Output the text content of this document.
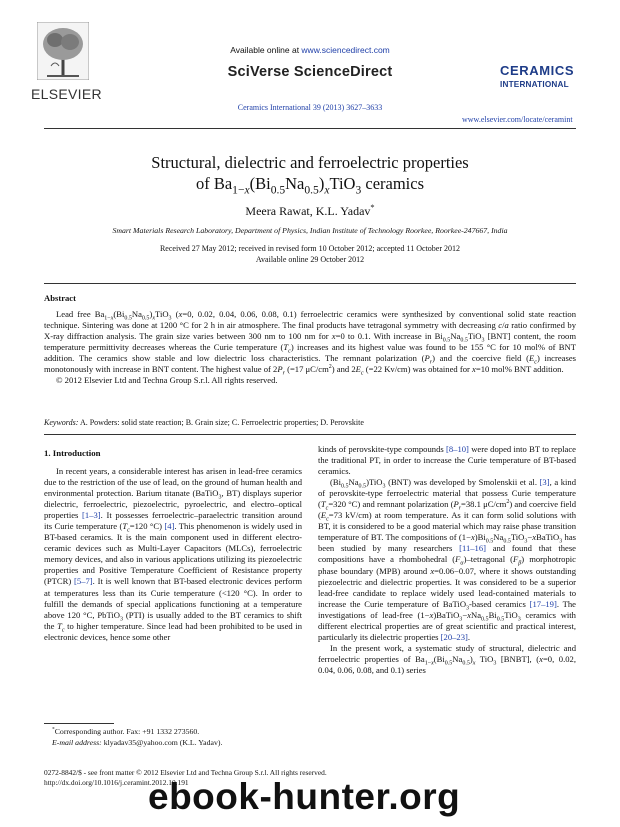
ELSEVIER
Available online at www.sciencedirect.com
SciVerse ScienceDirect
Ceramics International 39 (2013) 3627–3633
CERAMICS
INTERNATIONAL
www.elsevier.com/locate/ceramint
Structural, dielectric and ferroelectric properties
of $Ba_{1-x}(Bi_{0.5}Na_{0.5})_xTiO_3$ ceramics
Meera Rawat, K.L. Yadav*
Smart Materials Research Laboratory, Department of Physics, Indian Institute of Technology Roorkee, Roorkee-247667, India
Received 27 May 2012; received in revised form 10 October 2012; accepted 11 October 2012
Available online 29 October 2012
Abstract

Lead free $Ba_{1-x}(Bi_{0.5}Na_{0.5})_xTiO_3$ (x=0, 0.02, 0.04, 0.06, 0.08, 0.1) ferroelectric ceramics were synthesized by conventional solid state reaction technique. Sintering was done at 1200 °C for 2 h in air atmosphere. The final products have tetragonal symmetry with decreasing c/a ratio confirmed by X-ray diffraction analysis. The grain size varies between 300 nm to 100 nm for x=0 to 0.1. With increase in $Bi_{0.5}Na_{0.5}TiO_3$ [BNT] content, the room temperature permittivity decreases whereas the Curie temperature $(T_c)$ increases and its highest value was found to be 155 °C for 10 mol% of BNT addition. The ceramics show stable and low dielectric loss characteristics. The remnant polarization $(P_r)$ and the coercive field $(E_c)$ increases monotonously with increase in BNT content. The highest value of $2P_r$ (=17 $\mu C/cm^2$) and $2E_c$ (=22 Kv/cm) was obtained for x=10 mol% BNT addition.

© 2012 Elsevier Ltd and Techna Group S.r.l. All rights reserved.

Keywords: A. Powders: solid state reaction; B. Grain size; C. Ferroelectric properties; D. Perovskite
1. Introduction

In recent years, a considerable interest has arisen in lead-free ceramics due to the restriction of the use of lead, on the ground of human health and environmental protection. Barium titanate (BaTiO$_3$, BT) displays superior dielectric, ferroelectric, piezoelectric, pyroelectric, and electro–optical properties [1–3]. It possesses ferroelectric–paraelectric transition around its Curie temperature ($T_c=120$ °C) [4]. This phenomenon is widely used in BT-based ceramics. It is the main component used in different electro-ceramic devices such as Multi-Layer Capacitors (MLCs), ferroelectric memory devices, and also in various applications utilizing its piezoelectric properties and Positive Temperature Coefficient of Resistance property (PTCR) [5–7]. It is well known that BT-based electronic devices perform at temperatures less than its Curie temperature (<120 °C). In order to fulfill the demands of special applications functioning at a temperature above 120 °C, PbTiO$_3$ (PTI) is usually added to the BT ceramics to shift the $T_c$ to higher temperature. Since lead had been prohibited to be used in electronic devices, hence some other

*Corresponding author. Fax: +91 1332 273560.
E-mail address: klyadav35@yahoo.com (K.L. Yadav).

kinds of perovskite-type compounds [8–10] were doped into BT to replace the traditional PT, in order to increase the Curie temperature of BT-based ceramics.

$(Bi_{0.5}Na_{0.5})TiO_3$ (BNT) was developed by Smolenskii et al. [3], a kind of perovskite-type ferroelectric material that possess Curie temperature ($T_c=320$ °C) and remnant polarization ($P_r=38.1$ $\mu C/cm^2$) and coercive field ($E_c=73$ kV/cm) at room temperature. As it can form solid solutions with BT, it is considered to be a good material which may raise phase transition temperature of BT. The compositions of $(1-x)Bi_{0.5}Na_{0.5}TiO_3-xBaTiO_3$ has been studied by many researchers [11–16] and found that these compositions have a rhombohedral $(F_\alpha)$–tetragonal $(F_\beta)$ morphotropic phase boundary (MPB) around x=0.06−0.07, where it shows outstanding piezoelectric and dielectric properties. It was considered to be a superior lead-free candidate to replace widely used lead-contained materials to increase the Curie temperature of BaTiO$_3$-based ceramics [17–19]. The investigations of lead-free $(1-x)BaTiO_3-xNa_{0.5}Bi_{0.5}TiO_3$ ceramics with different electrical properties are of great scientific and practical interest, particularly its dielectric properties [20–23].

In the present work, a systematic study of structural, dielectric and ferroelectric properties of $Ba_{1-x}(Bi_{0.5}Na_{0.5})_x$ TiO$_3$ [BNBT], (x=0, 0.02, 0.04, 0.06, 0.08, and 0.1) series

0272-8842/$ - see front matter © 2012 Elsevier Ltd and Techna Group S.r.l. All rights reserved.
http://dx.doi.org/10.1016/j.ceramint.2012.10.191
ebook-hunter.org
